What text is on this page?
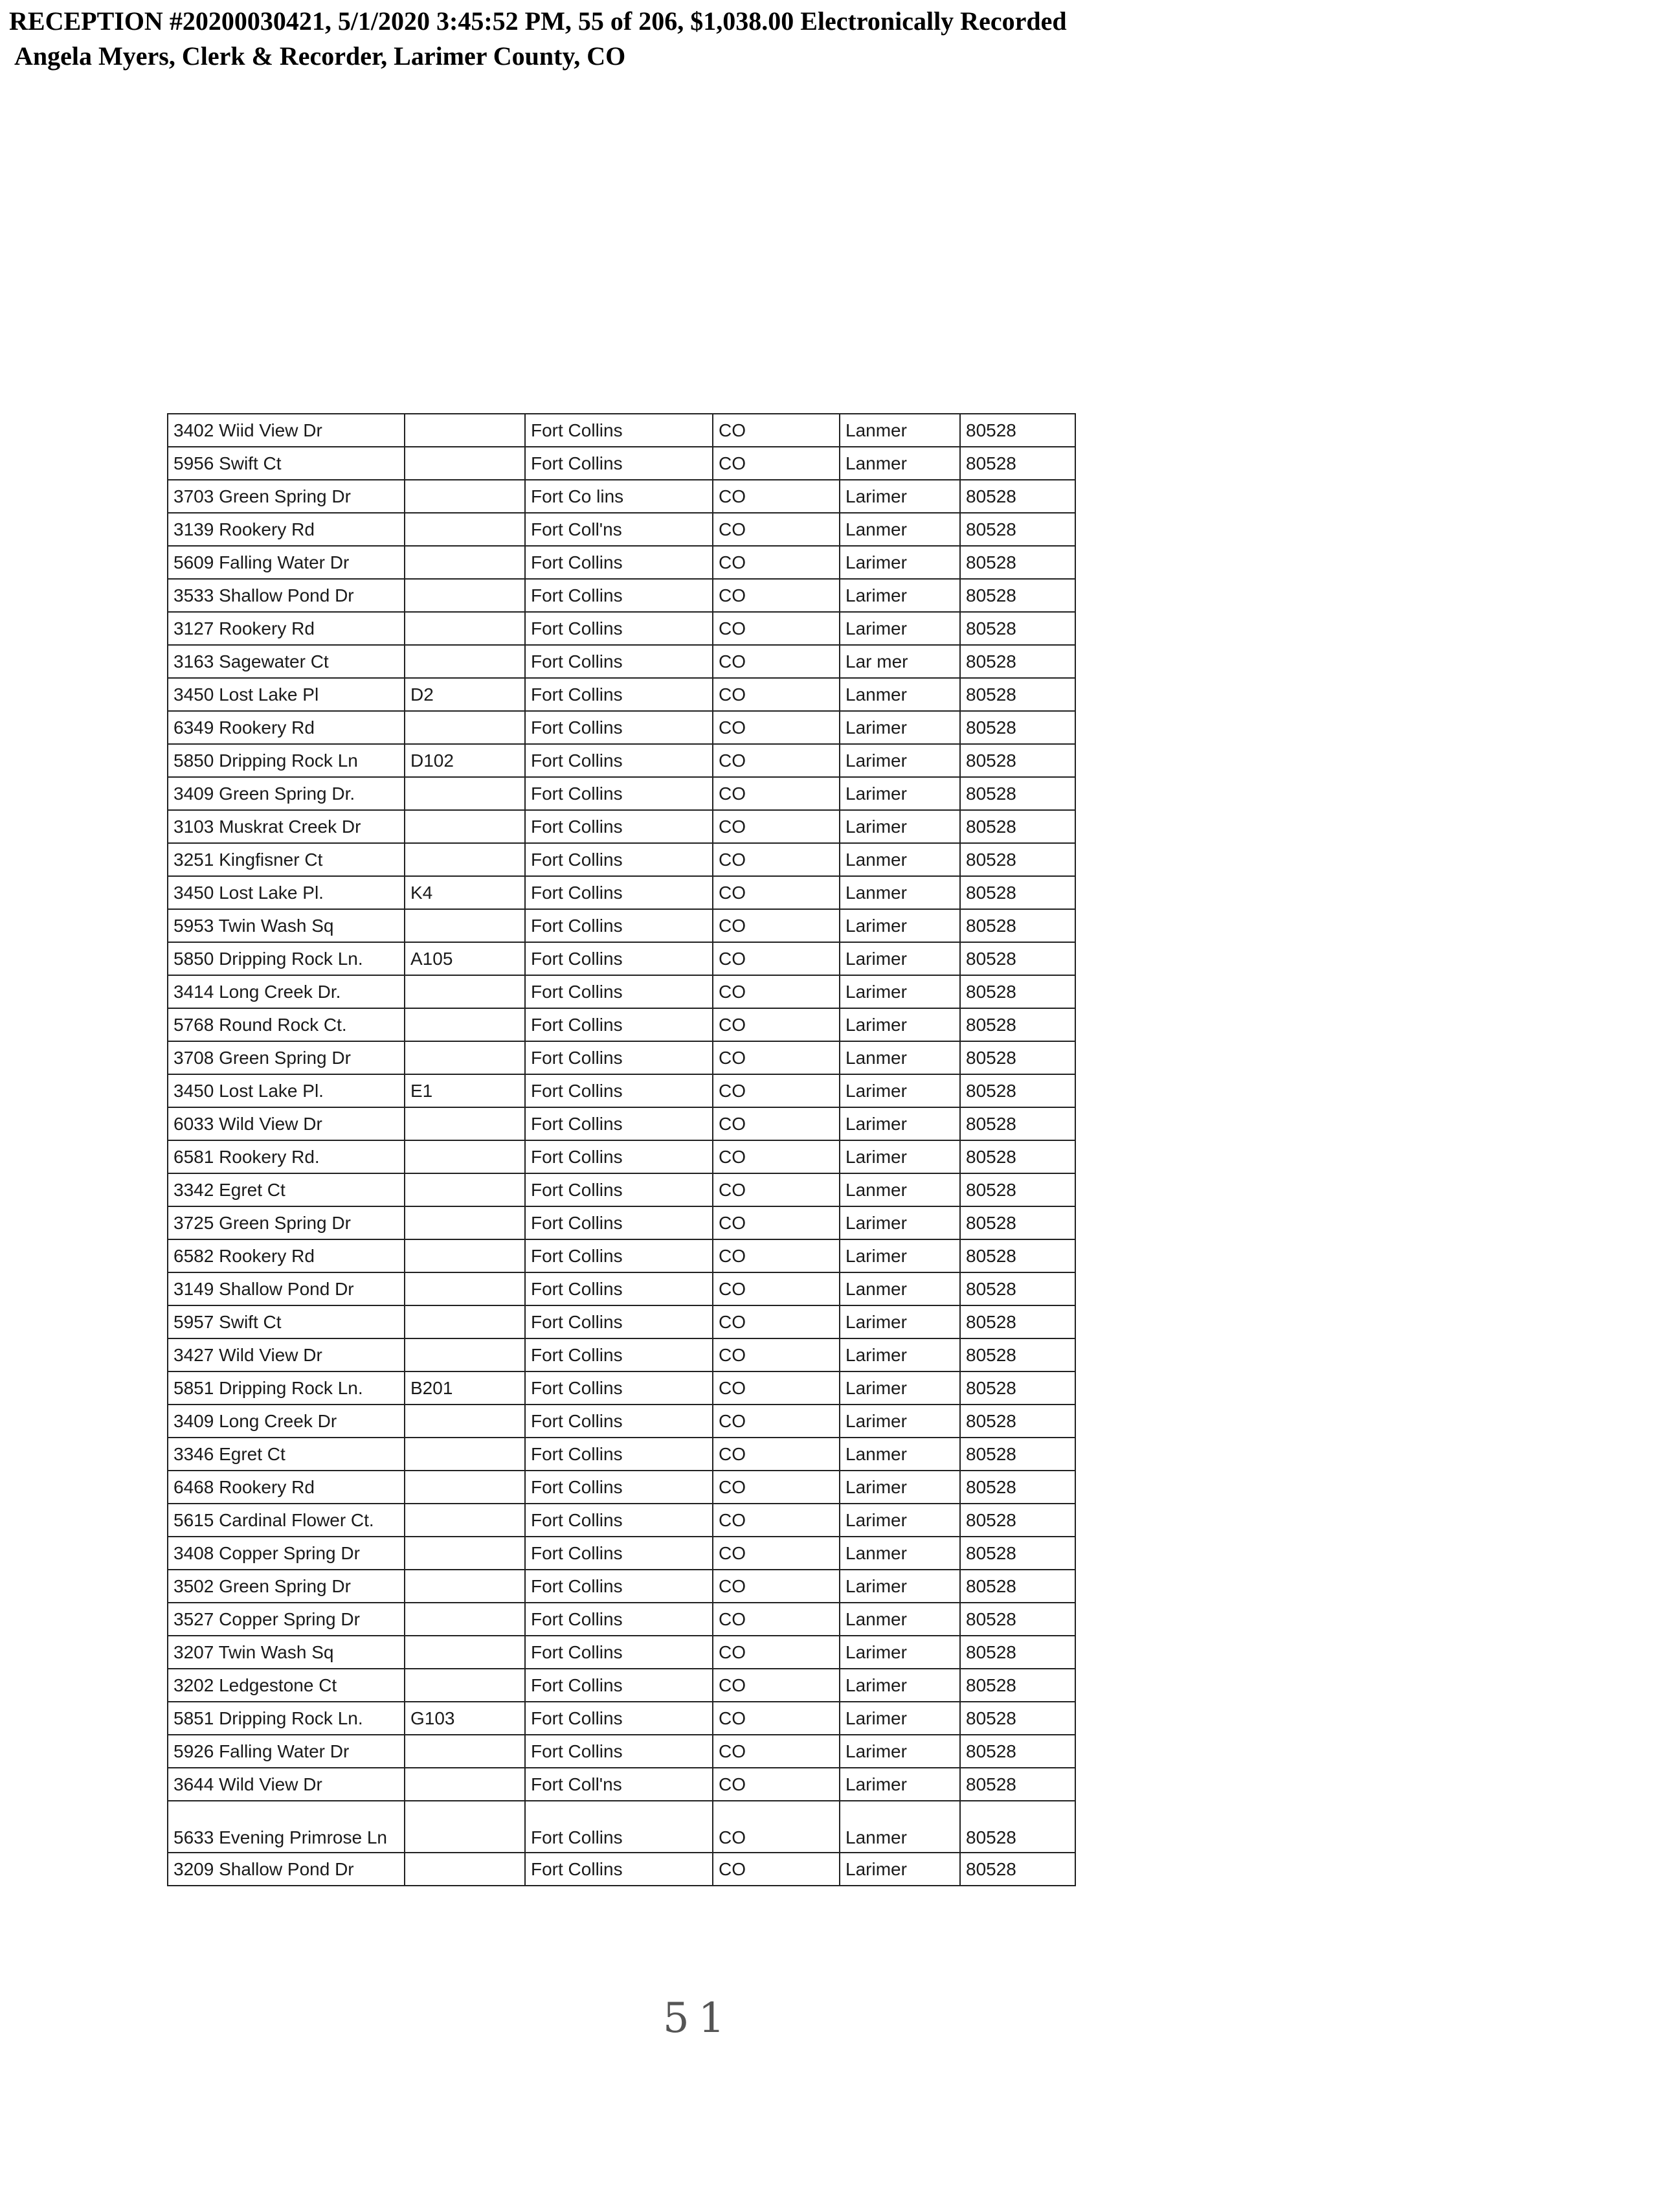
RECEPTION #20200030421, 5/1/2020 3:45:52 PM, 55 of 206, $1,038.00 Electronically Recorded
Angela Myers, Clerk & Recorder, Larimer County, CO
3402 Wiid View Dr		Fort Collins	CO	Lanmer	80528
5956 Swift Ct		Fort Collins	CO	Lanmer	80528
3703 Green Spring Dr		Fort Co lins	CO	Larimer	80528
3139 Rookery Rd		Fort Coll'ns	CO	Lanmer	80528
5609 Falling Water Dr		Fort Collins	CO	Larimer	80528
3533 Shallow Pond Dr		Fort Collins	CO	Larimer	80528
3127 Rookery Rd		Fort Collins	CO	Larimer	80528
3163 Sagewater Ct		Fort Collins	CO	Lar mer	80528
3450 Lost Lake Pl	D2	Fort Collins	CO	Lanmer	80528
6349 Rookery Rd		Fort Collins	CO	Larimer	80528
5850 Dripping Rock Ln	D102	Fort Collins	CO	Larimer	80528
3409 Green Spring Dr.		Fort Collins	CO	Larimer	80528
3103 Muskrat Creek Dr		Fort Collins	CO	Larimer	80528
3251 Kingfisner Ct		Fort Collins	CO	Lanmer	80528
3450 Lost Lake Pl.	K4	Fort Collins	CO	Lanmer	80528
5953 Twin Wash Sq		Fort Collins	CO	Larimer	80528
5850 Dripping Rock Ln.	A105	Fort Collins	CO	Larimer	80528
3414 Long Creek Dr.		Fort Collins	CO	Larimer	80528
5768 Round Rock Ct.		Fort Collins	CO	Larimer	80528
3708 Green Spring Dr		Fort Collins	CO	Lanmer	80528
3450 Lost Lake Pl.	E1	Fort Collins	CO	Larimer	80528
6033 Wild View Dr		Fort Collins	CO	Larimer	80528
6581 Rookery Rd.		Fort Collins	CO	Larimer	80528
3342 Egret Ct		Fort Collins	CO	Lanmer	80528
3725 Green Spring Dr		Fort Collins	CO	Larimer	80528
6582 Rookery Rd		Fort Collins	CO	Larimer	80528
3149 Shallow Pond Dr		Fort Collins	CO	Lanmer	80528
5957 Swift Ct		Fort Collins	CO	Larimer	80528
3427 Wild View Dr		Fort Collins	CO	Larimer	80528
5851 Dripping Rock Ln.	B201	Fort Collins	CO	Larimer	80528
3409 Long Creek Dr		Fort Collins	CO	Larimer	80528
3346 Egret Ct		Fort Collins	CO	Lanmer	80528
6468 Rookery Rd		Fort Collins	CO	Larimer	80528
5615 Cardinal Flower Ct.		Fort Collins	CO	Larimer	80528
3408 Copper Spring Dr		Fort Collins	CO	Lanmer	80528
3502 Green Spring Dr		Fort Collins	CO	Larimer	80528
3527 Copper Spring Dr		Fort Collins	CO	Lanmer	80528
3207 Twin Wash Sq		Fort Collins	CO	Larimer	80528
3202 Ledgestone Ct		Fort Collins	CO	Larimer	80528
5851 Dripping Rock Ln.	G103	Fort Collins	CO	Larimer	80528
5926 Falling Water Dr		Fort Collins	CO	Larimer	80528
3644 Wild View Dr		Fort Coll'ns	CO	Larimer	80528
5633 Evening Primrose Ln		Fort Collins	CO	Lanmer	80528
3209 Shallow Pond Dr		Fort Collins	CO	Larimer	80528
51
